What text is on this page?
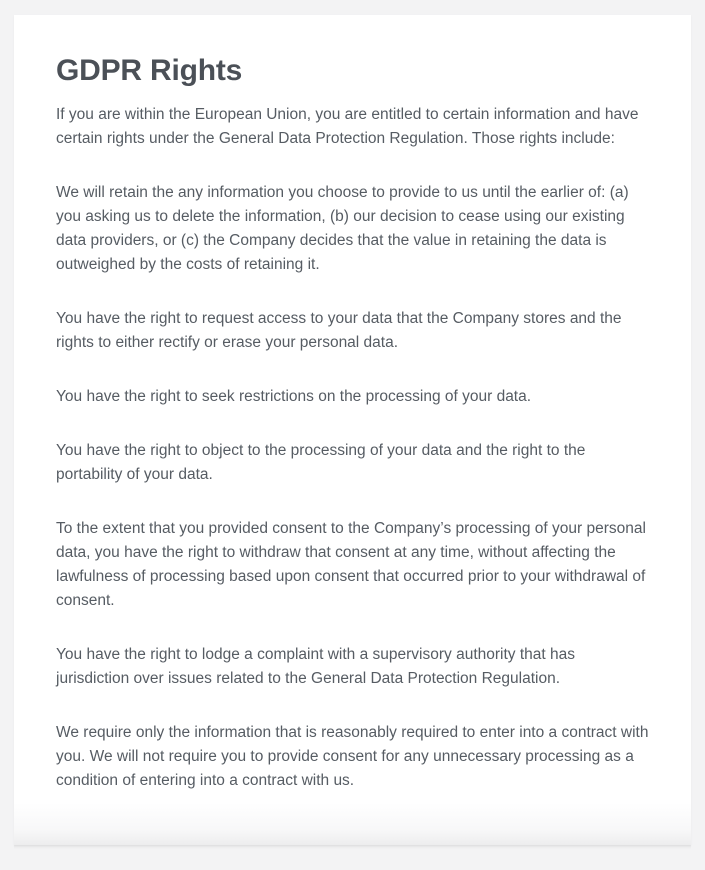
GDPR Rights

If you are within the European Union, you are entitled to certain information and have certain rights under the General Data Protection Regulation. Those rights include:

We will retain the any information you choose to provide to us until the earlier of: (a) you asking us to delete the information, (b) our decision to cease using our existing data providers, or (c) the Company decides that the value in retaining the data is outweighed by the costs of retaining it.

You have the right to request access to your data that the Company stores and the rights to either rectify or erase your personal data.

You have the right to seek restrictions on the processing of your data.

You have the right to object to the processing of your data and the right to the portability of your data.

To the extent that you provided consent to the Company’s processing of your personal data, you have the right to withdraw that consent at any time, without affecting the lawfulness of processing based upon consent that occurred prior to your withdrawal of consent.

You have the right to lodge a complaint with a supervisory authority that has jurisdiction over issues related to the General Data Protection Regulation.

We require only the information that is reasonably required to enter into a contract with you. We will not require you to provide consent for any unnecessary processing as a condition of entering into a contract with us.
